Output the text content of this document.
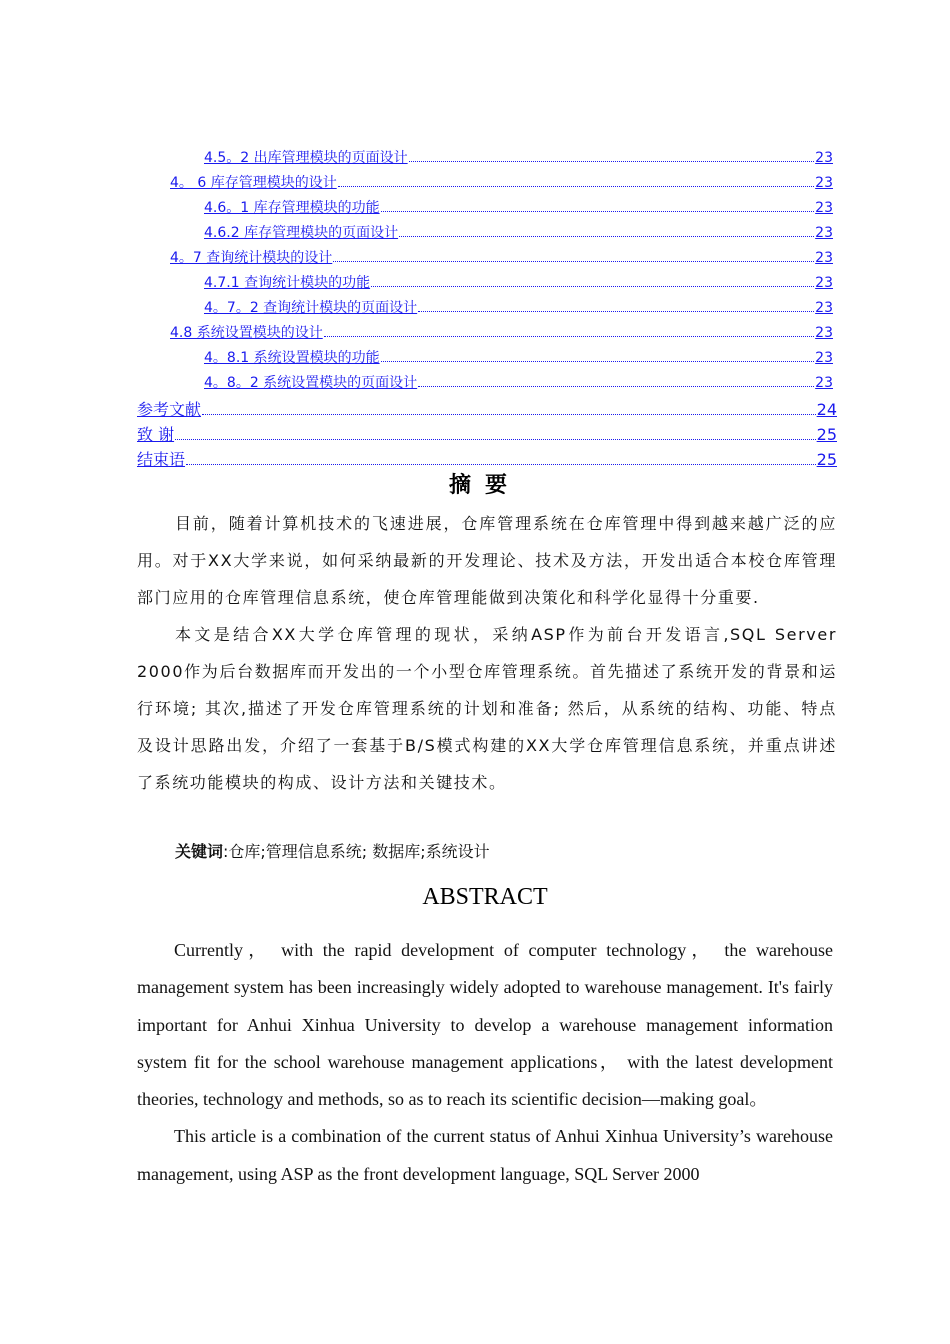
4.5。2 出库管理模块的页面设计	23
4。 6 库存管理模块的设计	23
4.6。1 库存管理模块的功能	23
4.6.2 库存管理模块的页面设计	23
4。7 查询统计模块的设计	23
4.7.1 查询统计模块的功能	23
4。7。2 查询统计模块的页面设计	23
4.8 系统设置模块的设计	23
4。8.1 系统设置模块的功能	23
4。8。2 系统设置模块的页面设计	23
参考文献	24
致 谢	25
结束语	25
摘要

目前，随着计算机技术的飞速进展，仓库管理系统在仓库管理中得到越来越广泛的应用。对于XX大学来说，如何采纳最新的开发理论、技术及方法，开发出适合本校仓库管理部门应用的仓库管理信息系统，使仓库管理能做到决策化和科学化显得十分重要.

本文是结合XX大学仓库管理的现状，采纳ASP作为前台开发语言,SQL Server 2000作为后台数据库而开发出的一个小型仓库管理系统。首先描述了系统开发的背景和运行环境; 其次,描述了开发仓库管理系统的计划和准备; 然后，从系统的结构、功能、特点及设计思路出发，介绍了一套基于B/S模式构建的XX大学仓库管理信息系统，并重点讲述了系统功能模块的构成、设计方法和关键技术。

关键词:仓库;管理信息系统; 数据库;系统设计
ABSTRACT

Currently， with the rapid development of computer technology， the warehouse management system has been increasingly widely adopted to warehouse management. It's fairly important for Anhui Xinhua University to develop a warehouse management information system fit for the school warehouse management applications， with the latest development theories, technology and methods, so as to reach its scientific decision—making goal。

This article is a combination of the current status of Anhui Xinhua University’s warehouse management, using ASP as the front development language, SQL Server 2000
